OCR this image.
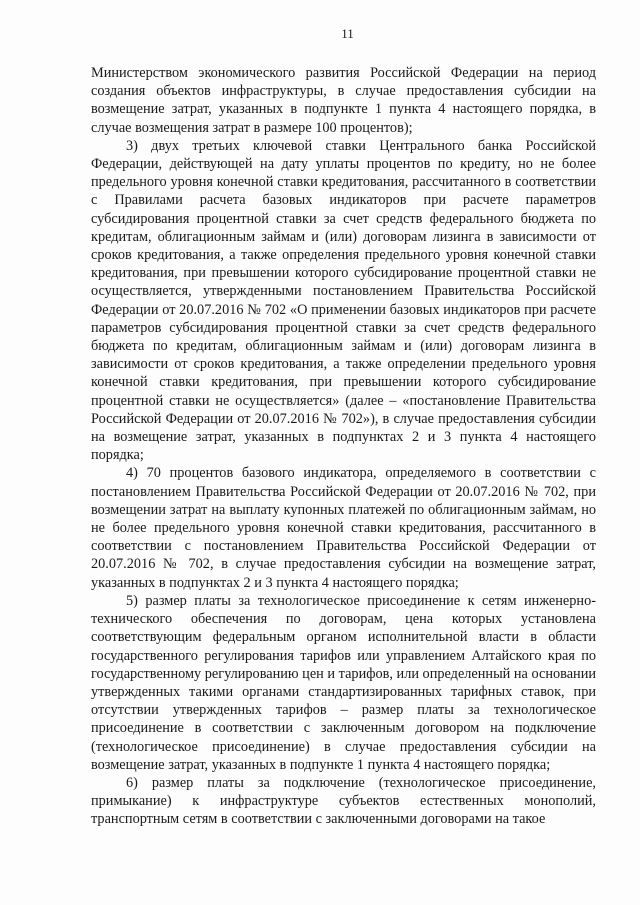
11

Министерством экономического развития Российской Федерации на период создания объектов инфраструктуры, в случае предоставления субсидии на возмещение затрат, указанных в подпункте 1 пункта 4 настоящего порядка, в случае возмещения затрат в размере 100 процентов);

3) двух третьих ключевой ставки Центрального банка Российской Федерации, действующей на дату уплаты процентов по кредиту, но не более предельного уровня конечной ставки кредитования, рассчитанного в соответствии с Правилами расчета базовых индикаторов при расчете параметров субсидирования процентной ставки за счет средств федерального бюджета по кредитам, облигационным займам и (или) договорам лизинга в зависимости от сроков кредитования, а также определения предельного уровня конечной ставки кредитования, при превышении которого субсидирование процентной ставки не осуществляется, утвержденными постановлением Правительства Российской Федерации от 20.07.2016 № 702 «О применении базовых индикаторов при расчете параметров субсидирования процентной ставки за счет средств федерального бюджета по кредитам, облигационным займам и (или) договорам лизинга в зависимости от сроков кредитования, а также определении предельного уровня конечной ставки кредитования, при превышении которого субсидирование процентной ставки не осуществляется» (далее – «постановление Правительства Российской Федерации от 20.07.2016 № 702»), в случае предоставления субсидии на возмещение затрат, указанных в подпунктах 2 и 3 пункта 4 настоящего порядка;

4) 70 процентов базового индикатора, определяемого в соответствии с постановлением Правительства Российской Федерации от 20.07.2016 № 702, при возмещении затрат на выплату купонных платежей по облигационным займам, но не более предельного уровня конечной ставки кредитования, рассчитанного в соответствии с постановлением Правительства Российской Федерации от 20.07.2016 № 702, в случае предоставления субсидии на возмещение затрат, указанных в подпунктах 2 и 3 пункта 4 настоящего порядка;

5) размер платы за технологическое присоединение к сетям инженерно-технического обеспечения по договорам, цена которых установлена соответствующим федеральным органом исполнительной власти в области государственного регулирования тарифов или управлением Алтайского края по государственному регулированию цен и тарифов, или определенный на основании утвержденных такими органами стандартизированных тарифных ставок, при отсутствии утвержденных тарифов – размер платы за технологическое присоединение в соответствии с заключенным договором на подключение (технологическое присоединение) в случае предоставления субсидии на возмещение затрат, указанных в подпункте 1 пункта 4 настоящего порядка;

6) размер платы за подключение (технологическое присоединение, примыкание) к инфраструктуре субъектов естественных монополий, транспортным сетям в соответствии с заключенными договорами на такое
